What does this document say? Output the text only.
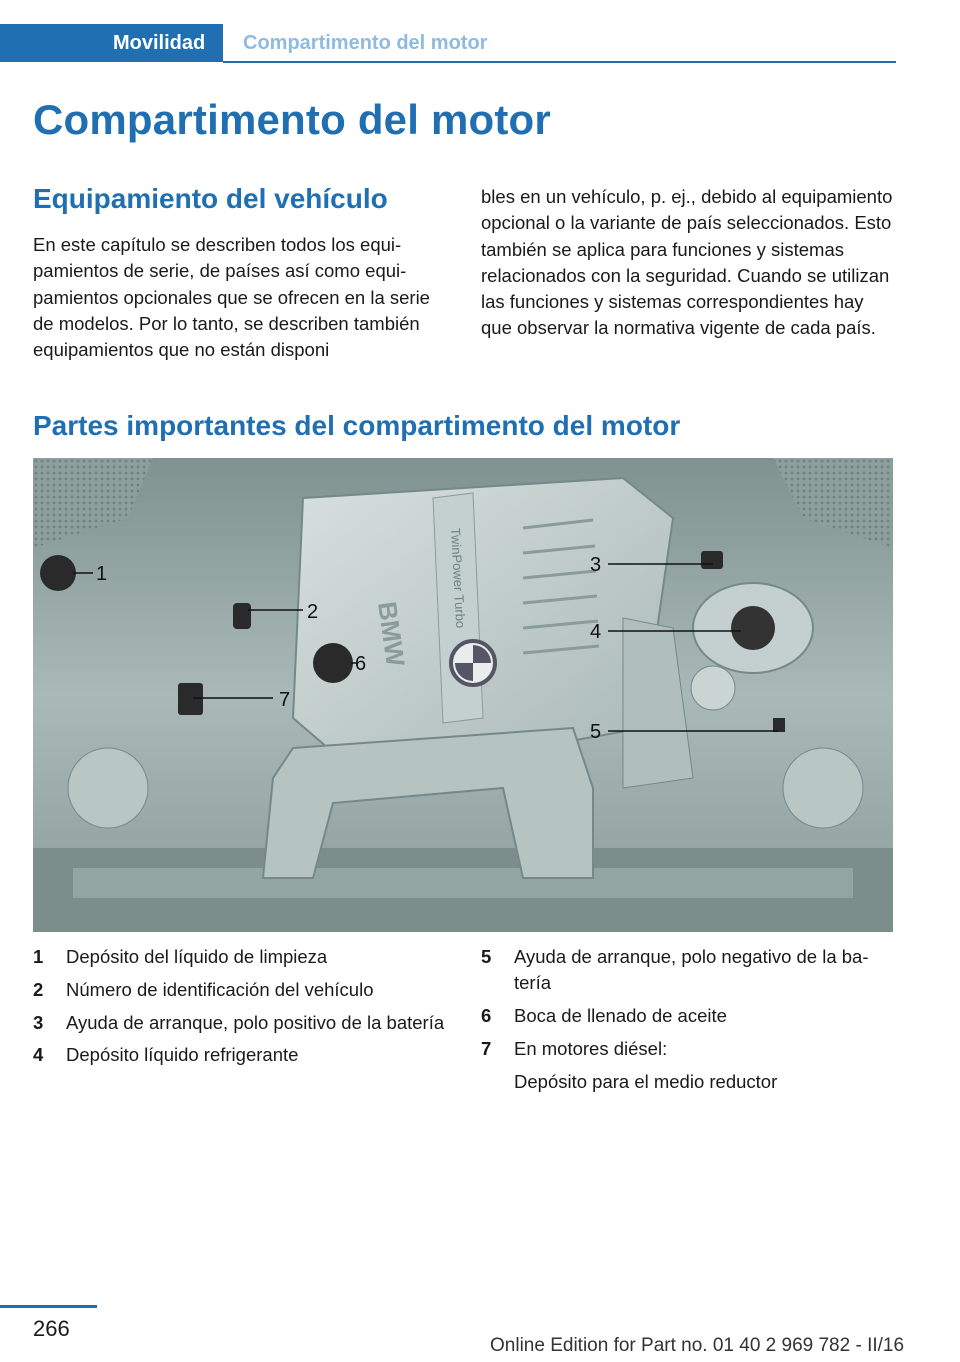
Movilidad	Compartimento del motor
Compartimento del motor
Equipamiento del vehículo

En este capítulo se describen todos los equipamientos de serie, de países así como equipamientos opcionales que se ofrecen en la serie de modelos. Por lo tanto, se describen también equipamientos que no están disponi

bles en un vehículo, p. ej., debido al equipamiento opcional o la variante de país seleccionados. Esto también se aplica para funciones y sistemas relacionados con la seguridad. Cuando se utilizan las funciones y sistemas correspondientes hay que observar la normativa vigente de cada país.

Partes importantes del compartimento del motor
BMW
TwinPower Turbo
1
2
3
4
5
6
7
1 Depósito del líquido de limpieza
2 Número de identificación del vehículo
3 Ayuda de arranque, polo positivo de la batería
4 Depósito líquido refrigerante
5 Ayuda de arranque, polo negativo de la batería
6 Boca de llenado de aceite
7 En motores diésel:
Depósito para el medio reductor
266
Online Edition for Part no. 01 40 2 969 782 - II/16
